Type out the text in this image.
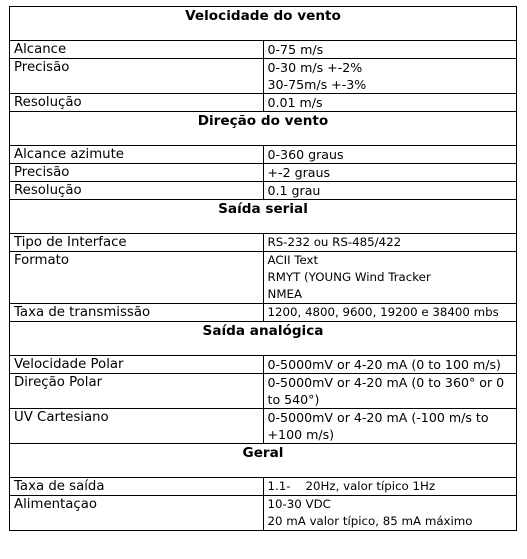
Velocidade do vento	
Alcance	0-75 m/s

Precisão	0-30 m/s +-2%
30-75m/s +-3%

Resolução	0.01 m/s

Direção do vento	
Alcance azimute	0-360 graus

Precisão	+-2 graus

Resolução	0.1 grau

Saída serial	
Tipo de Interface	RS-232 ou RS-485/422

Formato	ACII Text
RMYT (YOUNG Wind Tracker
NMEA

Taxa de transmissão	1200, 4800, 9600, 19200 e 38400 mbs

Saída analógica	
Velocidade Polar	0-5000mV or 4-20 mA (0 to 100 m/s)

Direção Polar	0-5000mV or 4-20 mA (0 to 360° or 0 to 540°)

UV Cartesiano	0-5000mV or 4-20 mA (-100 m/s to +100 m/s)

Geral	
Taxa de saída	1.1-    20Hz, valor típico 1Hz

Alimentaçao	10-30 VDC
20 mA valor típico, 85 mA máximo
